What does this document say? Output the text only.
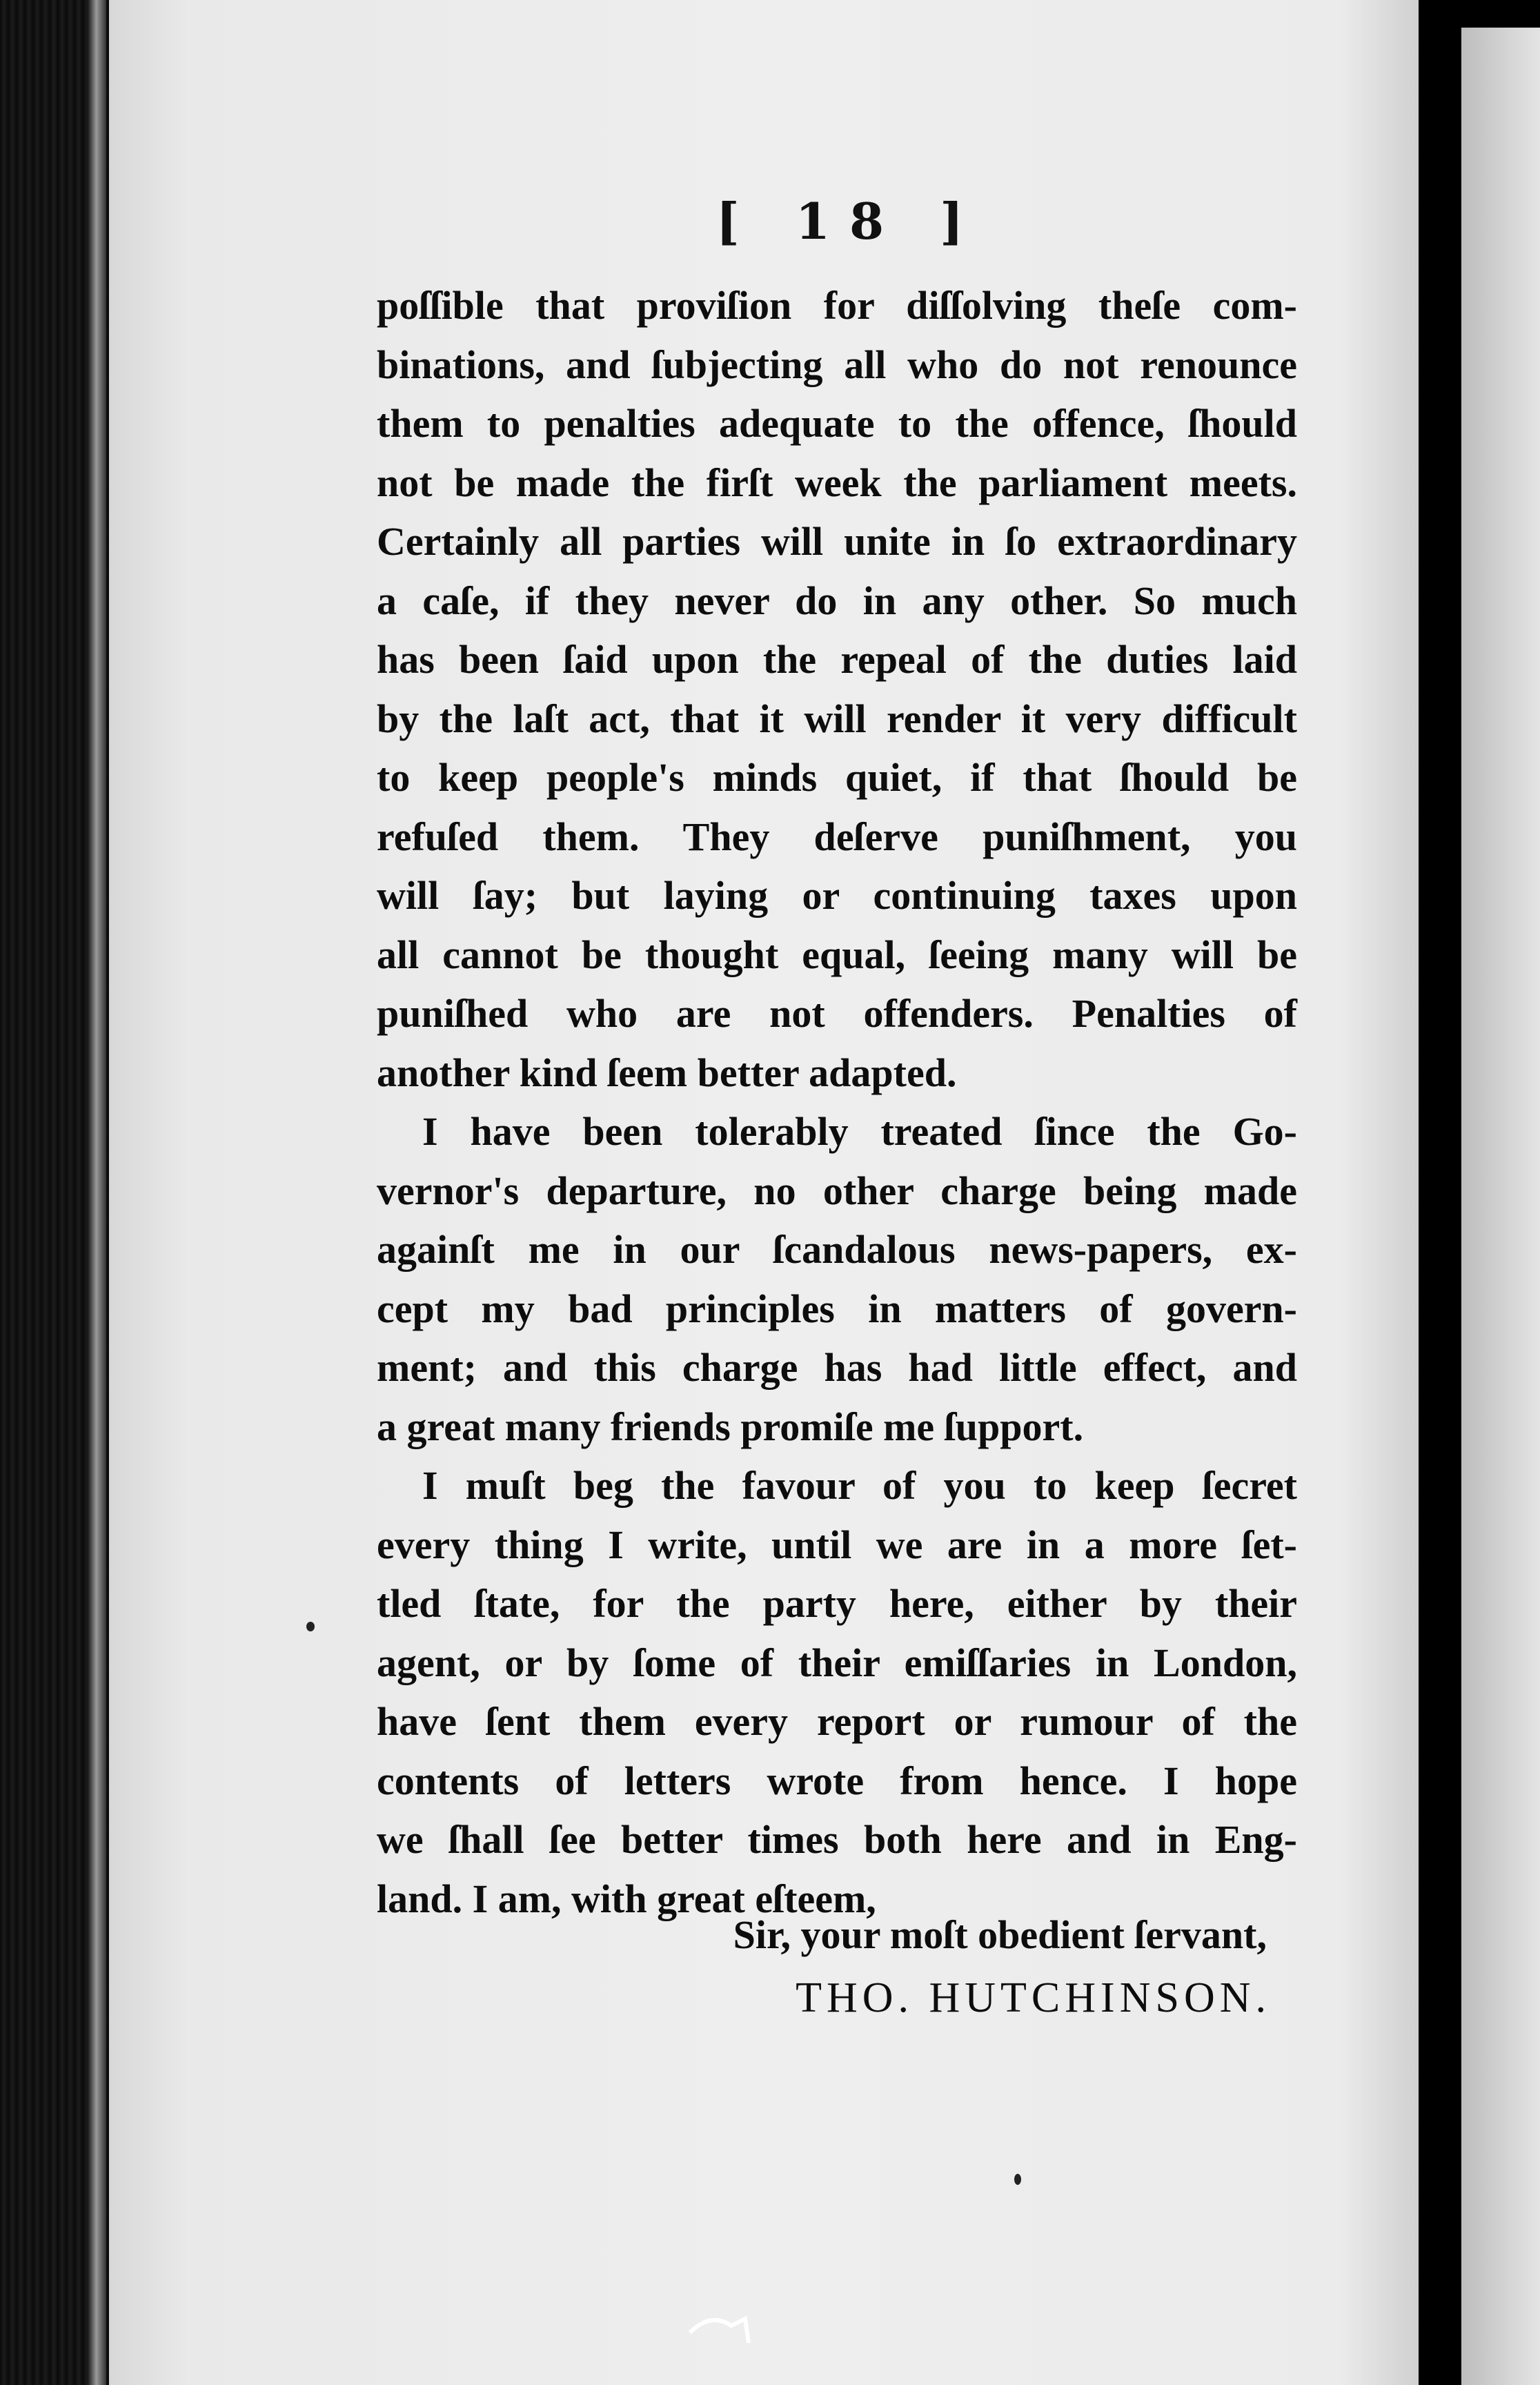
[ 18 ]
poſſible that proviſion for diſſolving theſe com-
binations, and ſubjecting all who do not renounce
them to penalties adequate to the offence, ſhould
not be made the firſt week the parliament meets.
Certainly all parties will unite in ſo extraordinary
a caſe, if they never do in any other. So much
has been ſaid upon the repeal of the duties laid
by the laſt act, that it will render it very difficult
to keep people's minds quiet, if that ſhould be
refuſed them. They deſerve puniſhment, you
will ſay; but laying or continuing taxes upon
all cannot be thought equal, ſeeing many will be
puniſhed who are not offenders. Penalties of
another kind ſeem better adapted.
I have been tolerably treated ſince the Go-
vernor's departure, no other charge being made
againſt me in our ſcandalous news-papers, ex-
cept my bad principles in matters of govern-
ment; and this charge has had little effect, and
a great many friends promiſe me ſupport.
I muſt beg the favour of you to keep ſecret
every thing I write, until we are in a more ſet-
tled ſtate, for the party here, either by their
agent, or by ſome of their emiſſaries in London,
have ſent them every report or rumour of the
contents of letters wrote from hence. I hope
we ſhall ſee better times both here and in Eng-
land. I am, with great eſteem,
Sir, your moſt obedient ſervant,
THO. HUTCHINSON.
